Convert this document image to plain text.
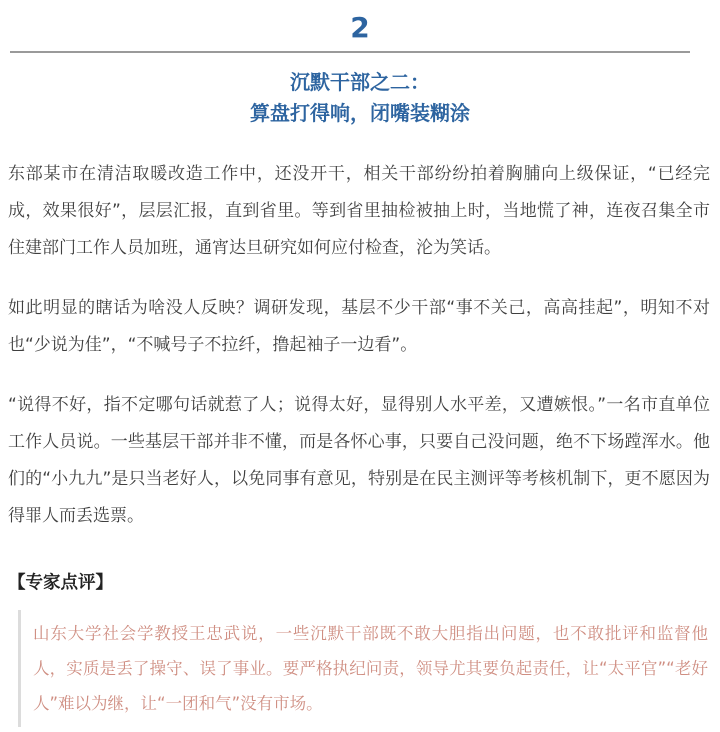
2
沉默干部之二：
算盘打得响，闭嘴装糊涂

东部某市在清洁取暖改造工作中，还没开干，相关干部纷纷拍着胸脯向上级保证，“已经完成，效果很好”，层层汇报，直到省里。等到省里抽检被抽上时，当地慌了神，连夜召集全市住建部门工作人员加班，通宵达旦研究如何应付检查，沦为笑话。

如此明显的瞎话为啥没人反映？调研发现，基层不少干部“事不关己，高高挂起”，明知不对也“少说为佳”，“不喊号子不拉纤，撸起袖子一边看”。

“说得不好，指不定哪句话就惹了人；说得太好，显得别人水平差，又遭嫉恨。”一名市直单位工作人员说。一些基层干部并非不懂，而是各怀心事，只要自己没问题，绝不下场蹚浑水。他们的“小九九”是只当老好人，以免同事有意见，特别是在民主测评等考核机制下，更不愿因为得罪人而丢选票。

【专家点评】
山东大学社会学教授王忠武说，一些沉默干部既不敢大胆指出问题，也不敢批评和监督他人，实质是丢了操守、误了事业。要严格执纪问责，领导尤其要负起责任，让“太平官”“老好人”难以为继，让“一团和气”没有市场。
